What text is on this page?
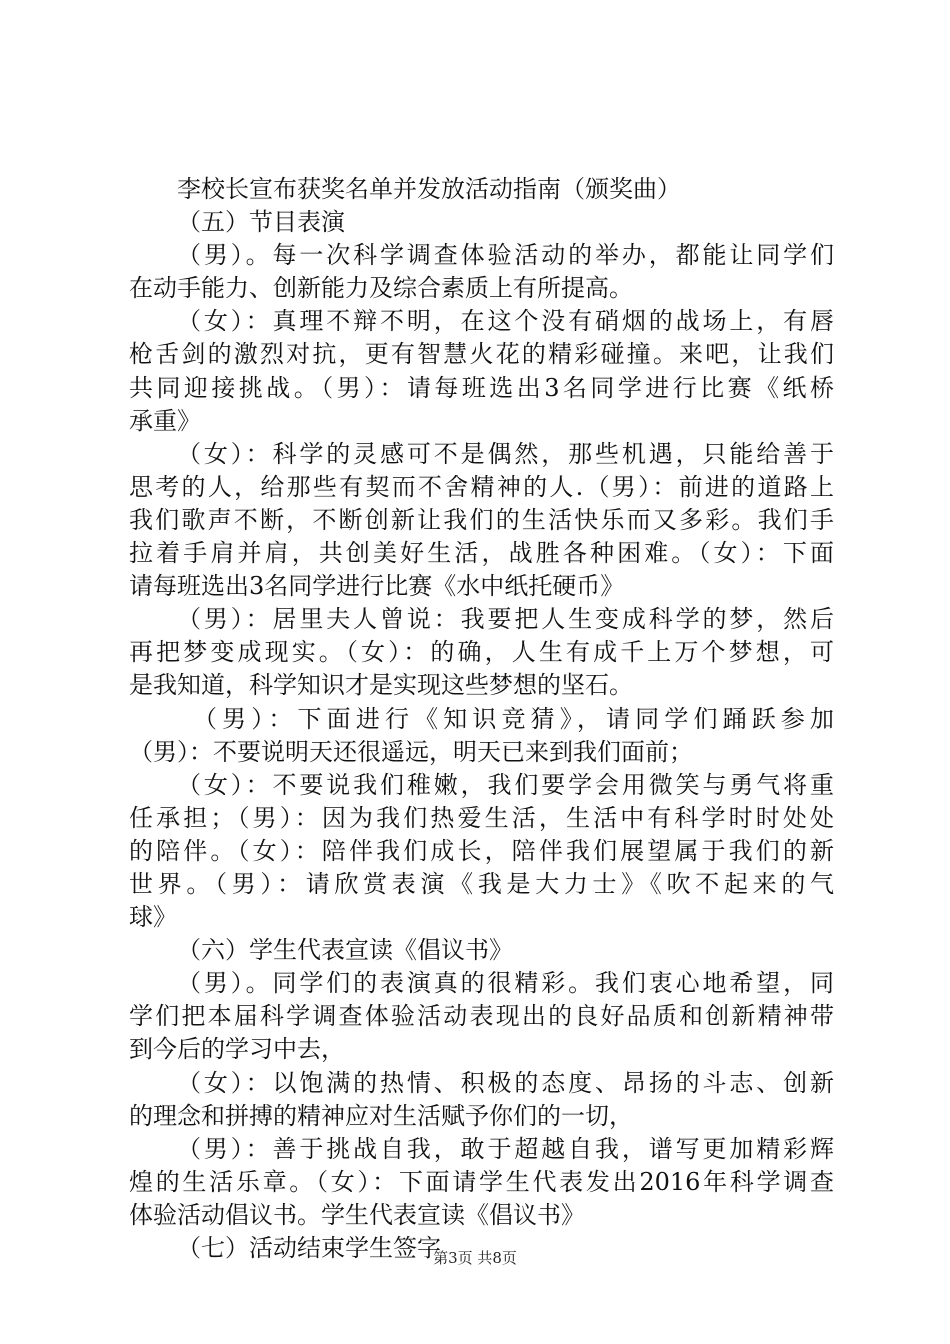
李校长宣布获奖名单并发放活动指南（颁奖曲）
（五）节目表演
（男）。每一次科学调查体验活动的举办，都能让同学们
在动手能力、创新能力及综合素质上有所提高。
（女）：真理不辩不明，在这个没有硝烟的战场上，有唇
枪舌剑的激烈对抗，更有智慧火花的精彩碰撞。来吧，让我们
共同迎接挑战。（男）：请每班选出3名同学进行比赛《纸桥
承重》
（女）：科学的灵感可不是偶然，那些机遇，只能给善于
思考的人，给那些有契而不舍精神的人.（男）：前进的道路上
我们歌声不断，不断创新让我们的生活快乐而又多彩。我们手
拉着手肩并肩，共创美好生活，战胜各种困难。（女）：下面
请每班选出3名同学进行比赛《水中纸托硬币》
（男）：居里夫人曾说：我要把人生变成科学的梦，然后
再把梦变成现实。（女）：的确，人生有成千上万个梦想，可
是我知道，科学知识才是实现这些梦想的坚石。
（男）：下面进行《知识竞猜》，请同学们踊跃参加
（男）：不要说明天还很遥远，明天已来到我们面前；
（女）：不要说我们稚嫩，我们要学会用微笑与勇气将重
任承担；（男）：因为我们热爱生活，生活中有科学时时处处
的陪伴。（女）：陪伴我们成长，陪伴我们展望属于我们的新
世界。（男）：请欣赏表演《我是大力士》《吹不起来的气
球》
（六）学生代表宣读《倡议书》
（男）。同学们的表演真的很精彩。我们衷心地希望，同
学们把本届科学调查体验活动表现出的良好品质和创新精神带
到今后的学习中去，
（女）：以饱满的热情、积极的态度、昂扬的斗志、创新
的理念和拼搏的精神应对生活赋予你们的一切，
（男）：善于挑战自我，敢于超越自我，谱写更加精彩辉
煌的生活乐章。（女）：下面请学生代表发出2016年科学调查
体验活动倡议书。学生代表宣读《倡议书》
（七）活动结束学生签字
第3页 共8页
